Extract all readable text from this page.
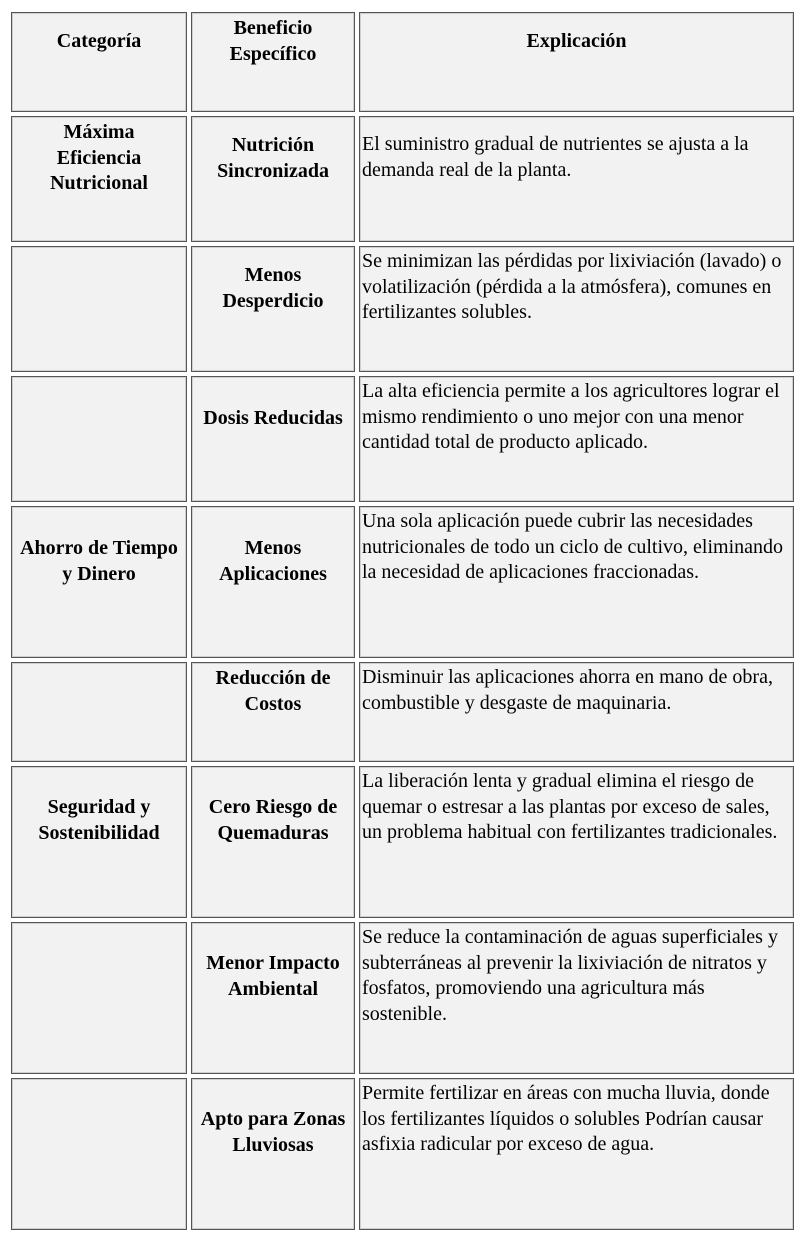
Categoría
Beneficio Específico
Explicación
Máxima Eficiencia Nutricional
Nutrición Sincronizada
El suministro gradual de nutrientes se ajusta a la demanda real de la planta.
Menos Desperdicio
Se minimizan las pérdidas por lixiviación (lavado) o volatilización (pérdida a la atmósfera), comunes en fertilizantes solubles.
Dosis Reducidas
La alta eficiencia permite a los agricultores lograr el mismo rendimiento o uno mejor con una menor cantidad total de producto aplicado.
Ahorro de Tiempo y Dinero
Menos Aplicaciones
Una sola aplicación puede cubrir las necesidades nutricionales de todo un ciclo de cultivo, eliminando la necesidad de aplicaciones fraccionadas.
Reducción de Costos
Disminuir las aplicaciones ahorra en mano de obra, combustible y desgaste de maquinaria.
Seguridad y Sostenibilidad
Cero Riesgo de Quemaduras
La liberación lenta y gradual elimina el riesgo de quemar o estresar a las plantas por exceso de sales, un problema habitual con fertilizantes tradicionales.
Menor Impacto Ambiental
Se reduce la contaminación de aguas superficiales y subterráneas al prevenir la lixiviación de nitratos y fosfatos, promoviendo una agricultura más sostenible.
Apto para Zonas Lluviosas
Permite fertilizar en áreas con mucha lluvia, donde los fertilizantes líquidos o solubles Podrían causar asfixia radicular por exceso de agua.
